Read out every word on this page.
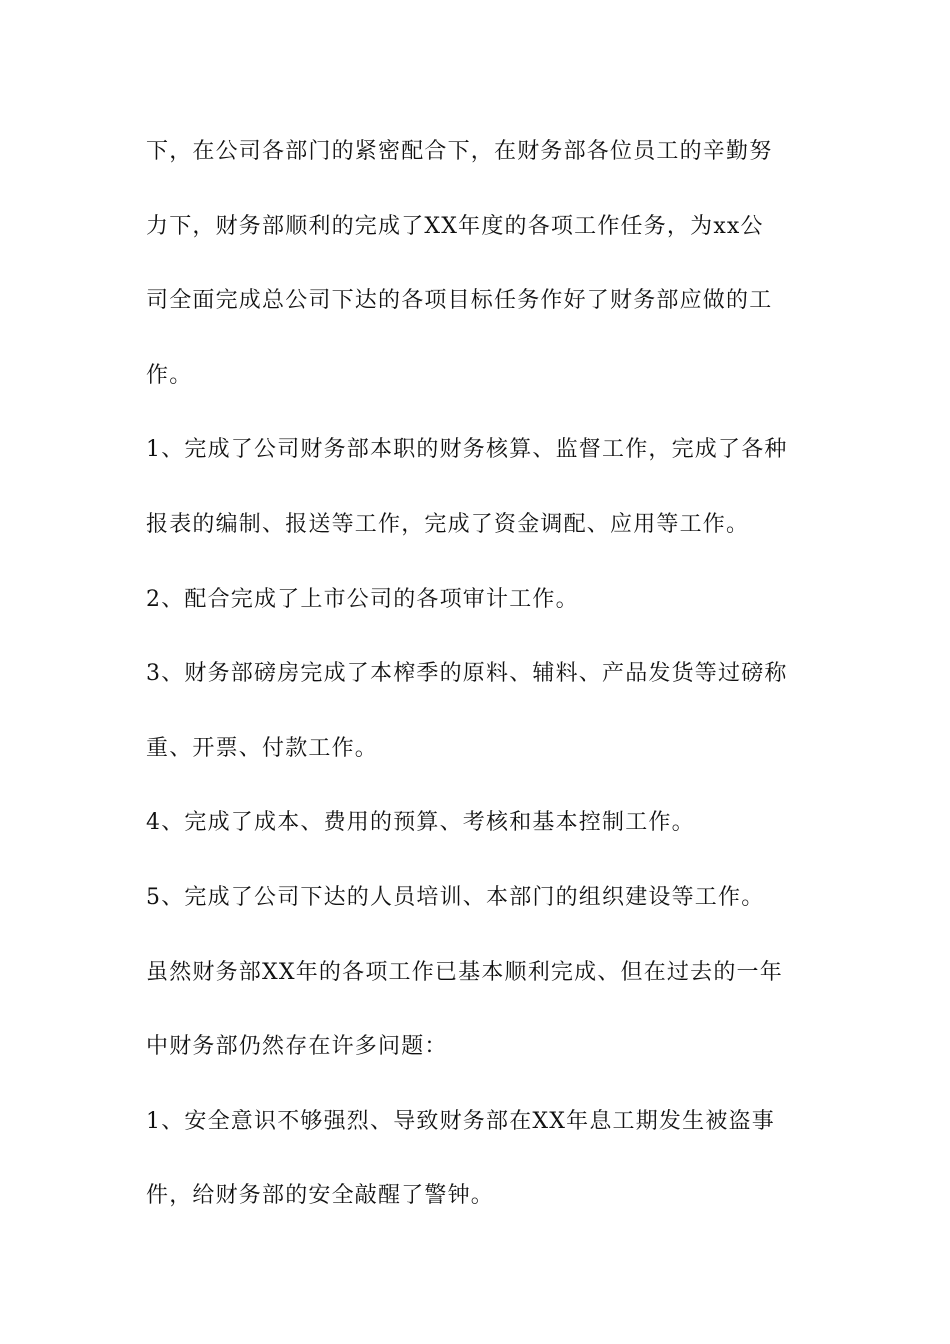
下，在公司各部门的紧密配合下，在财务部各位员工的辛勤努
力下，财务部顺利的完成了XX年度的各项工作任务，为xx公
司全面完成总公司下达的各项目标任务作好了财务部应做的工
作。
1、完成了公司财务部本职的财务核算、监督工作，完成了各种
报表的编制、报送等工作，完成了资金调配、应用等工作。
2、配合完成了上市公司的各项审计工作。
3、财务部磅房完成了本榨季的原料、辅料、产品发货等过磅称
重、开票、付款工作。
4、完成了成本、费用的预算、考核和基本控制工作。
5、完成了公司下达的人员培训、本部门的组织建设等工作。
虽然财务部XX年的各项工作已基本顺利完成、但在过去的一年
中财务部仍然存在许多问题：
1、安全意识不够强烈、导致财务部在XX年息工期发生被盗事
件，给财务部的安全敲醒了警钟。
